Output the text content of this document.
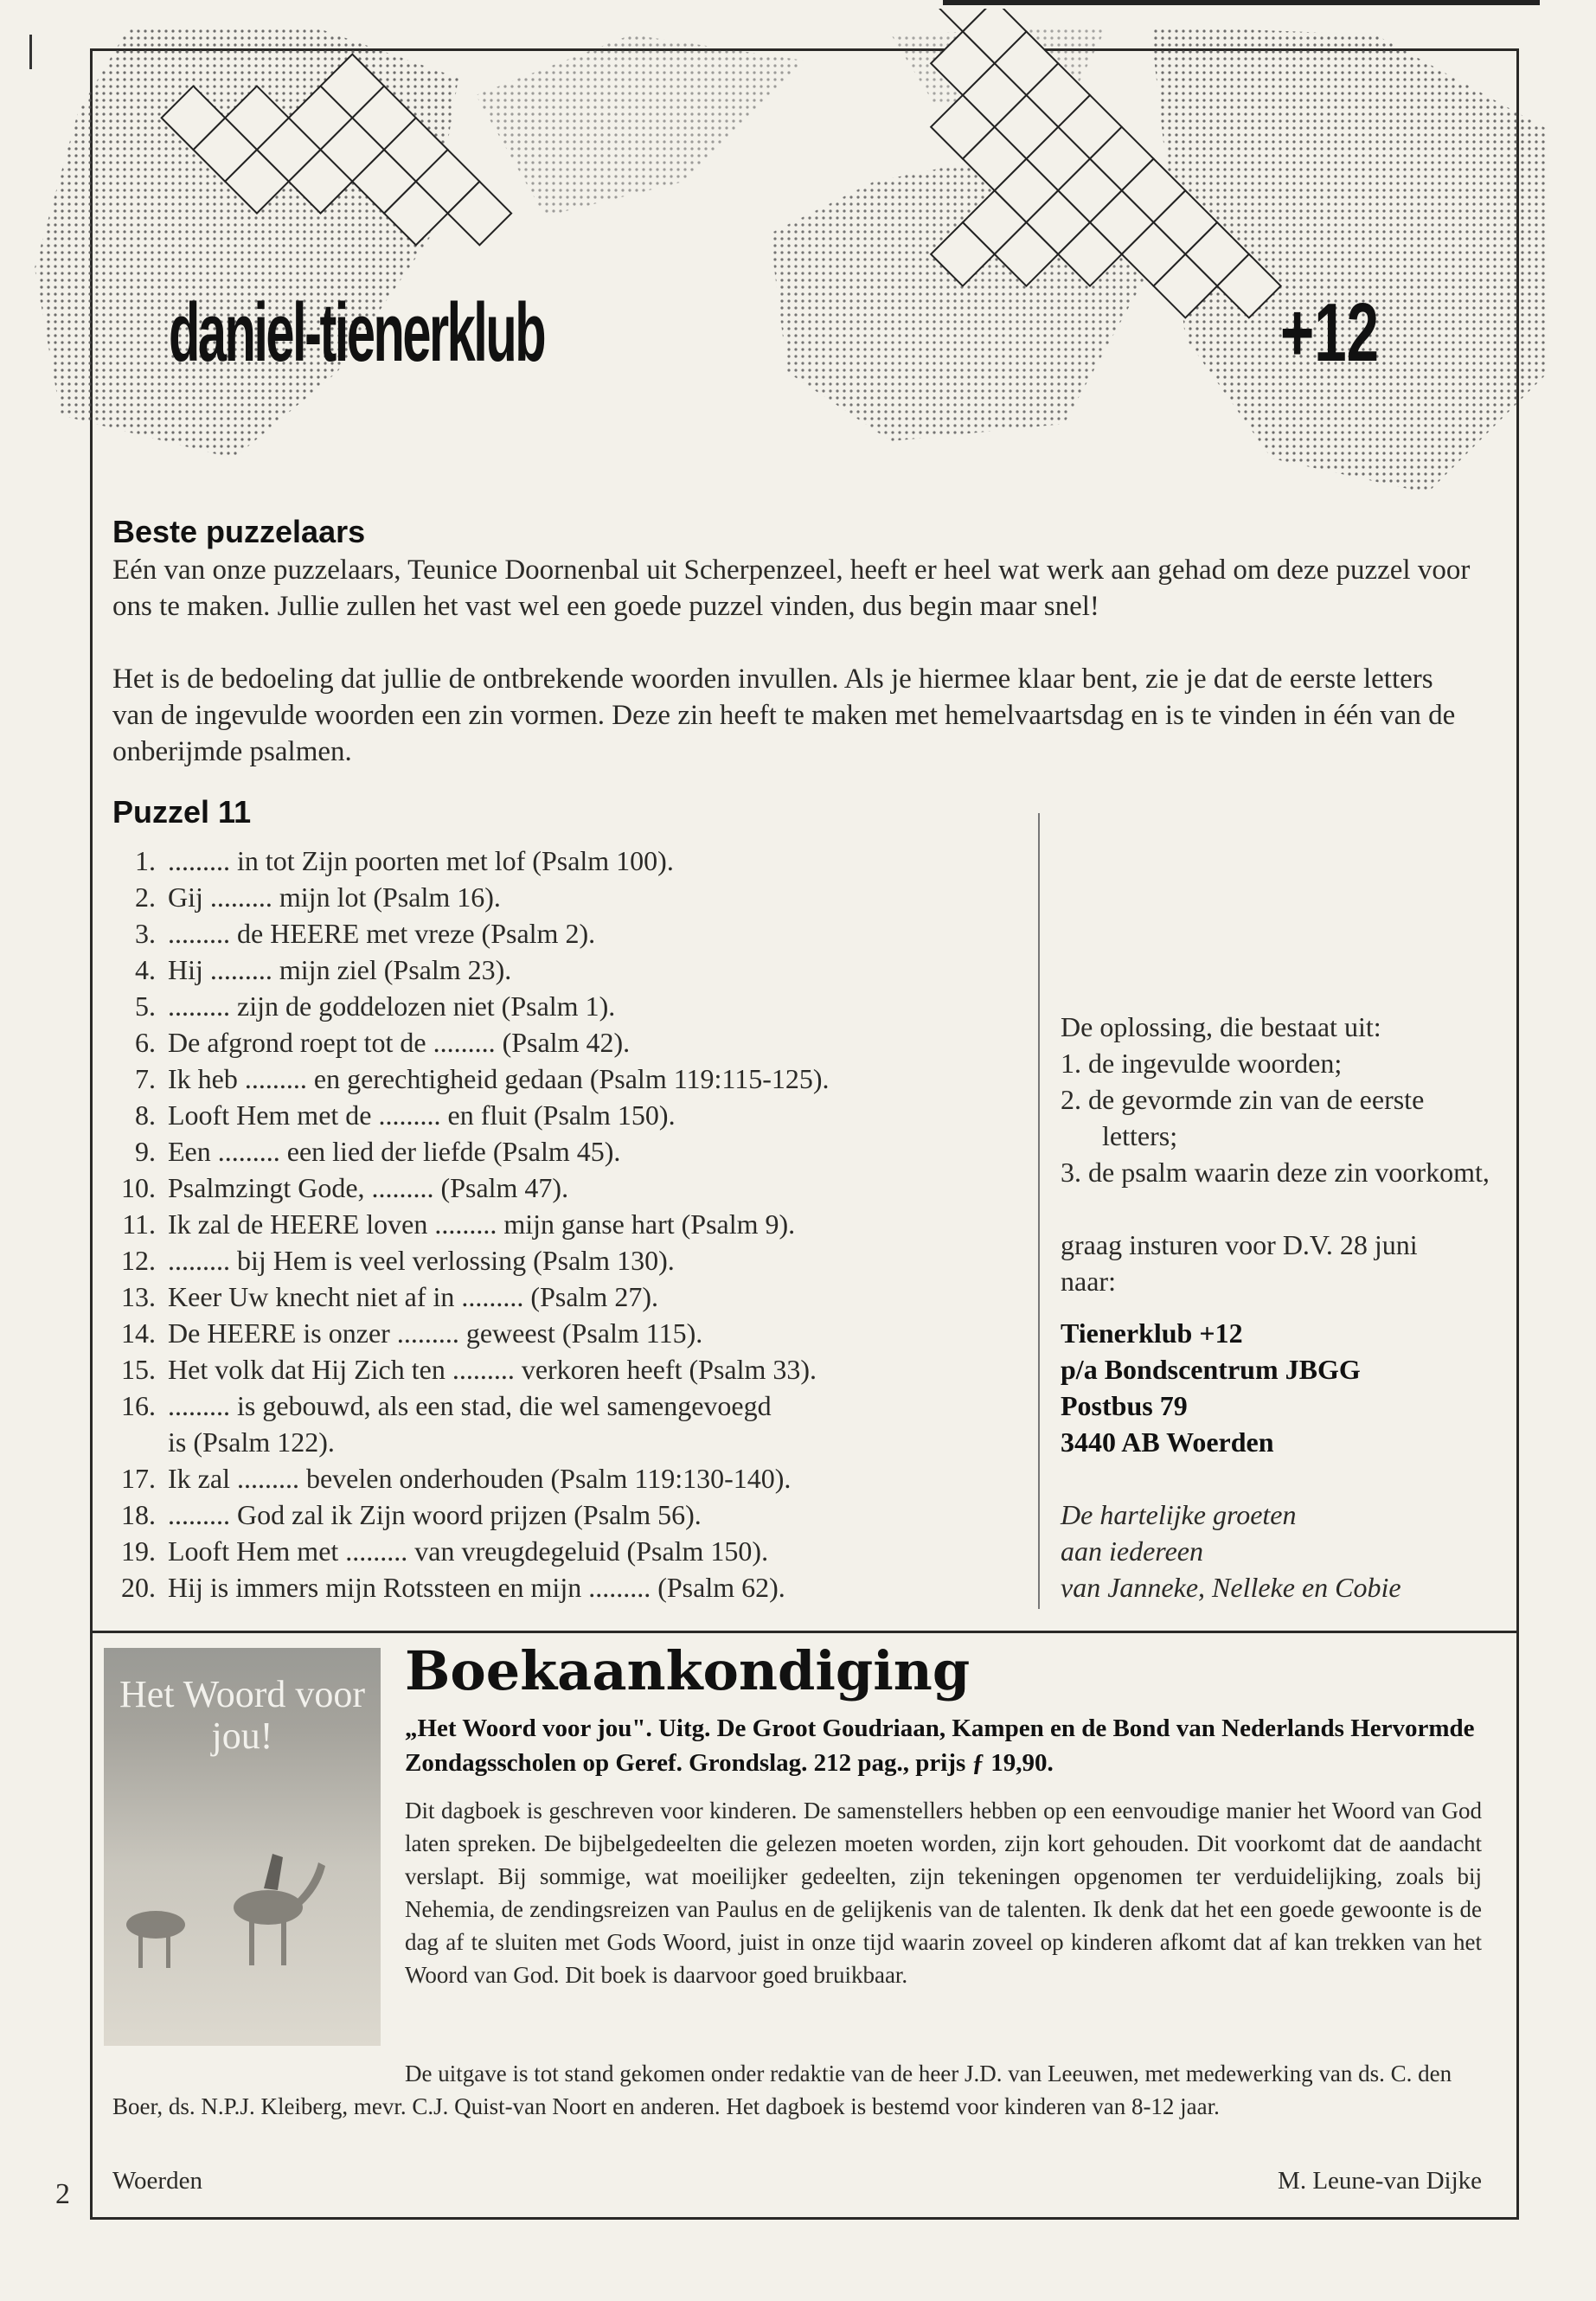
daniel-tienerklub	+12
Beste puzzelaars
Eén van onze puzzelaars, Teunice Doornenbal uit Scherpenzeel, heeft er heel wat werk aan gehad om deze puzzel voor ons te maken. Jullie zullen het vast wel een goede puzzel vinden, dus begin maar snel!
Het is de bedoeling dat jullie de ontbrekende woorden invullen. Als je hiermee klaar bent, zie je dat de eerste letters van de ingevulde woorden een zin vormen. Deze zin heeft te maken met hemelvaartsdag en is te vinden in één van de onberijmde psalmen.
Puzzel 11
1. ......... in tot Zijn poorten met lof (Psalm 100).
2. Gij ......... mijn lot (Psalm 16).
3. ......... de HEERE met vreze (Psalm 2).
4. Hij ......... mijn ziel (Psalm 23).
5. ......... zijn de goddelozen niet (Psalm 1).
6. De afgrond roept tot de ......... (Psalm 42).
7. Ik heb ......... en gerechtigheid gedaan (Psalm 119:115-125).
8. Looft Hem met de ......... en fluit (Psalm 150).
9. Een ......... een lied der liefde (Psalm 45).
10. Psalmzingt Gode, ......... (Psalm 47).
11. Ik zal de HEERE loven ......... mijn ganse hart (Psalm 9).
12. ......... bij Hem is veel verlossing (Psalm 130).
13. Keer Uw knecht niet af in ......... (Psalm 27).
14. De HEERE is onzer ......... geweest (Psalm 115).
15. Het volk dat Hij Zich ten ......... verkoren heeft (Psalm 33).
16. ......... is gebouwd, als een stad, die wel samengevoegd
is (Psalm 122).
17. Ik zal ......... bevelen onderhouden (Psalm 119:130-140).
18. ......... God zal ik Zijn woord prijzen (Psalm 56).
19. Looft Hem met ......... van vreugdegeluid (Psalm 150).
20. Hij is immers mijn Rotssteen en mijn ......... (Psalm 62).
De oplossing, die bestaat uit:
1. de ingevulde woorden;
2. de gevormde zin van de eerste letters;
3. de psalm waarin deze zin voorkomt,
graag insturen voor D.V. 28 juni naar:
Tienerklub +12
p/a Bondscentrum JBGG
Postbus 79
3440 AB Woerden
De hartelijke groeten
aan iedereen
van Janneke, Nelleke en Cobie
Het Woord voor jou!
Boekaankondiging
„Het Woord voor jou". Uitg. De Groot Goudriaan, Kampen en de Bond van Nederlands Hervormde Zondagsscholen op Geref. Grondslag. 212 pag., prijs ƒ 19,90.
Dit dagboek is geschreven voor kinderen. De samenstellers hebben op een eenvoudige manier het Woord van God laten spreken. De bijbelgedeelten die gelezen moeten worden, zijn kort gehouden. Dit voorkomt dat de aandacht verslapt. Bij sommige, wat moeilijker gedeelten, zijn tekeningen opgenomen ter verduidelijking, zoals bij Nehemia, de zendingsreizen van Paulus en de gelijkenis van de talenten. Ik denk dat het een goede gewoonte is de dag af te sluiten met Gods Woord, juist in onze tijd waarin zoveel op kinderen afkomt dat af kan trekken van het Woord van God. Dit boek is daarvoor goed bruikbaar.
De uitgave is tot stand gekomen onder redaktie van de heer J.D. van Leeuwen, met medewerking van ds. C. den Boer, ds. N.P.J. Kleiberg, mevr. C.J. Quist-van Noort en anderen. Het dagboek is bestemd voor kinderen van 8-12 jaar.
2 Woerden	M. Leune-van Dijke
